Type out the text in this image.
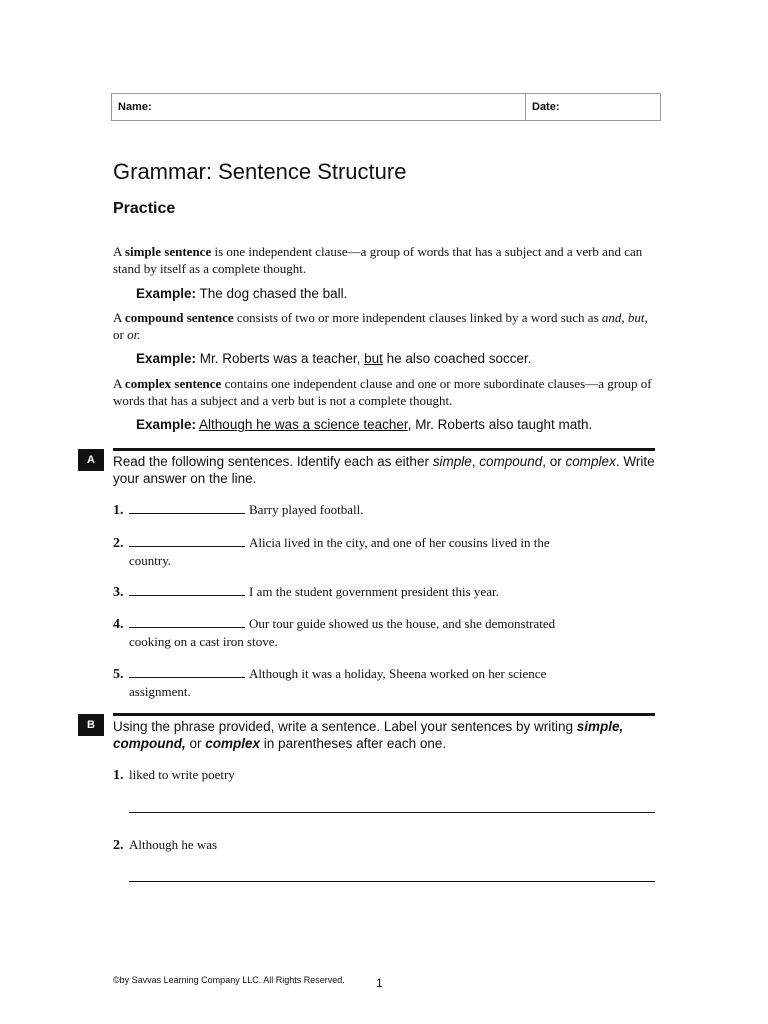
Name:	Date:
Grammar: Sentence Structure
Practice

A simple sentence is one independent clause—a group of words that has a subject and a verb and can stand by itself as a complete thought.

Example: The dog chased the ball.

A compound sentence consists of two or more independent clauses linked by a word such as and, but, or or.

Example: Mr. Roberts was a teacher, but he also coached soccer.

A complex sentence contains one independent clause and one or more subordinate clauses—a group of words that has a subject and a verb but is not a complete thought.

Example: Although he was a science teacher, Mr. Roberts also taught math.

A	Read the following sentences. Identify each as either simple, compound, or complex. Write your answer on the line.

1.	Barry played football.
2.	Alicia lived in the city, and one of her cousins lived in the
country.
3.	I am the student government president this year.
4.	Our tour guide showed us the house, and she demonstrated
cooking on a cast iron stove.
5.	Although it was a holiday, Sheena worked on her science
assignment.
B	Using the phrase provided, write a sentence. Label your sentences by writing simple, compound, or complex in parentheses after each one.

1. liked to write poetry
2. Although he was
©by Savvas Learning Company LLC. All Rights Reserved.	1
